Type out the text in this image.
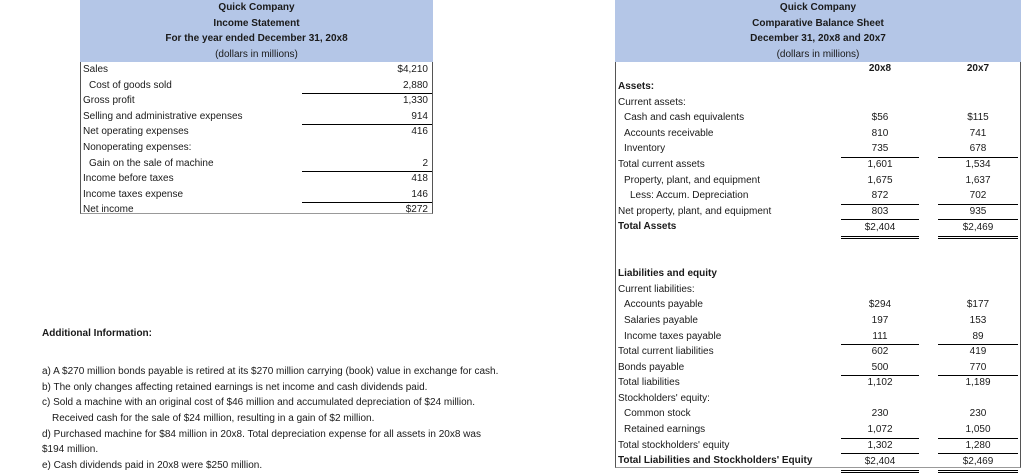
Quick Company
Income Statement
For the year ended December 31, 20x8
(dollars in millions)
Sales	$4,210
Cost of goods sold	2,880
Gross profit	1,330
Selling and administrative expenses	914
Net operating expenses	416
Nonoperating expenses:
Gain on the sale of machine	2
Income before taxes	418
Income taxes expense	146
Net income	$272
Quick Company
Comparative Balance Sheet
December 31, 20x8 and 20x7
(dollars in millions)
20x8	20x7
Assets:
Current assets:
Cash and cash equivalents	$56	$115
Accounts receivable	810	741
Inventory	735	678
Total current assets	1,601	1,534
Property, plant, and equipment	1,675	1,637
Less: Accum. Depreciation	872	702
Net property, plant, and equipment	803	935
Total Assets	$2,404	$2,469
Liabilities and equity
Current liabilities:
Accounts payable	$294	$177
Salaries payable	197	153
Income taxes payable	111	89
Total current liabilities	602	419
Bonds payable	500	770
Total liabilities	1,102	1,189
Stockholders' equity:
Common stock	230	230
Retained earnings	1,072	1,050
Total stockholders' equity	1,302	1,280
Total Liabilities and Stockholders' Equity	$2,404	$2,469
Additional Information:
a) A $270 million bonds payable is retired at its $270 million carrying (book) value in exchange for cash.
b) The only changes affecting retained earnings is net income and cash dividends paid.
c) Sold a machine with an original cost of $46 million and accumulated depreciation of $24 million.
Received cash for the sale of $24 million, resulting in a gain of $2 million.
d) Purchased machine for $84 million in 20x8. Total depreciation expense for all assets in 20x8 was
$194 million.
e) Cash dividends paid in 20x8 were $250 million.
